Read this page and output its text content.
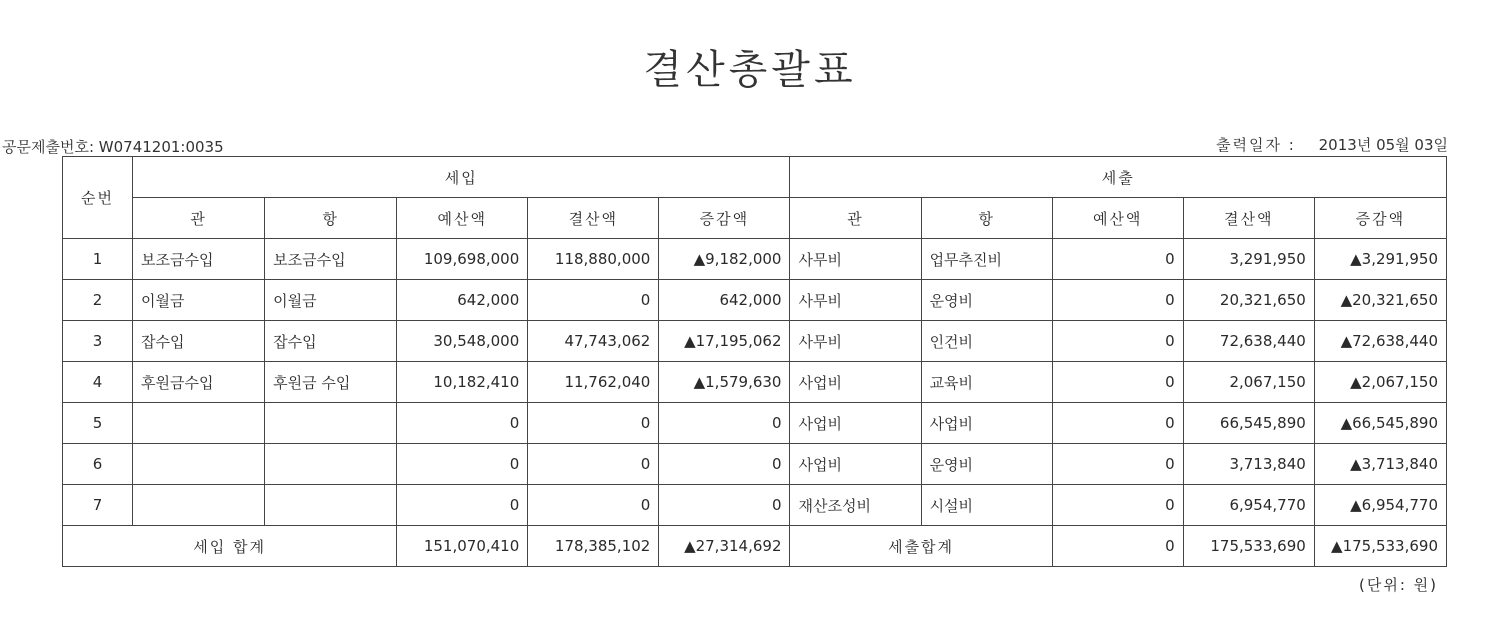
결산총괄표
공문제출번호: W0741201:0035	출력일자 : 2013년 05월 03일
순번	세입					세출				
	관	항	예산액	결산액	증감액	관	항	예산액	결산액	증감액
1	보조금수입	보조금수입	109,698,000	118,880,000	▲9,182,000	사무비	업무추진비	0	3,291,950	▲3,291,950
2	이월금	이월금	642,000	0	642,000	사무비	운영비	0	20,321,650	▲20,321,650
3	잡수입	잡수입	30,548,000	47,743,062	▲17,195,062	사무비	인건비	0	72,638,440	▲72,638,440
4	후원금수입	후원금 수입	10,182,410	11,762,040	▲1,579,630	사업비	교육비	0	2,067,150	▲2,067,150
5			0	0	0	사업비	사업비	0	66,545,890	▲66,545,890
6			0	0	0	사업비	운영비	0	3,713,840	▲3,713,840
7			0	0	0	재산조성비	시설비	0	6,954,770	▲6,954,770
세입 합계			151,070,410	178,385,102	▲27,314,692	세출합계		0	175,533,690	▲175,533,690
(단위: 원)
